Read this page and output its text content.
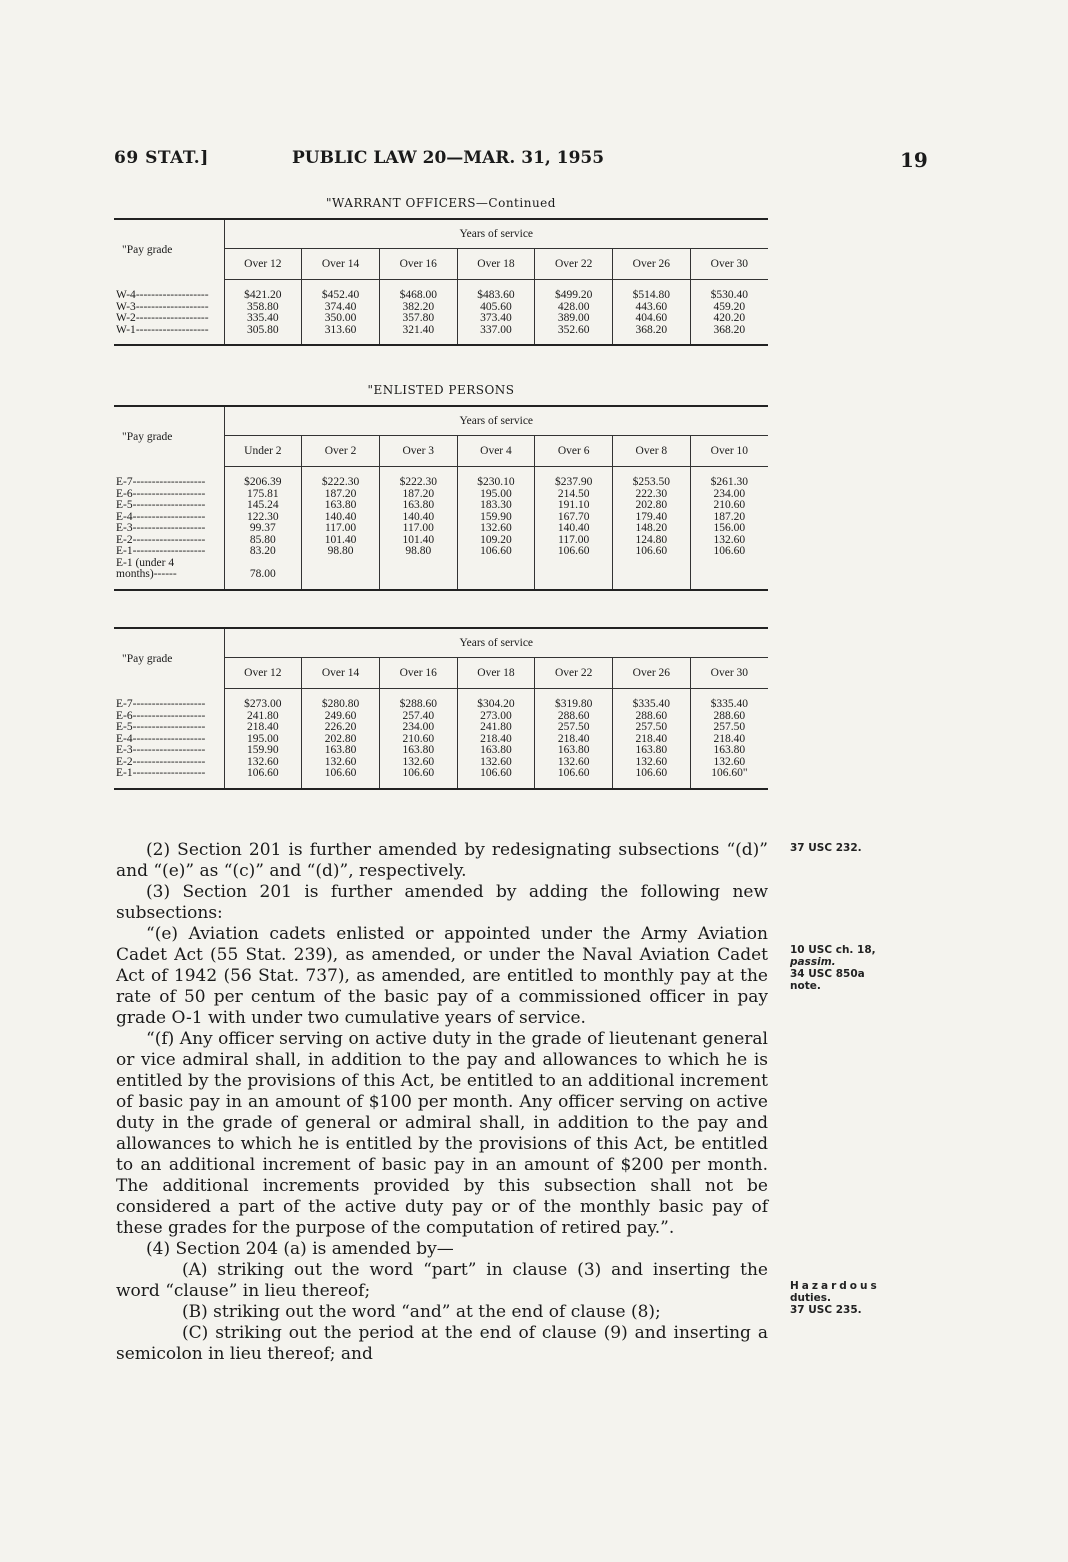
69 STAT.]	PUBLIC LAW 20—MAR. 31, 1955	19
"WARRANT OFFICERS—Continued
"Pay grade	Years of service						
	Over 12	Over 14	Over 16	Over 18	Over 22	Over 26	Over 30
W-4-------------------	$421.20	$452.40	$468.00	$483.60	$499.20	$514.80	$530.40
W-3-------------------	358.80	374.40	382.20	405.60	428.00	443.60	459.20
W-2-------------------	335.40	350.00	357.80	373.40	389.00	404.60	420.20
W-1-------------------	305.80	313.60	321.40	337.00	352.60	368.20	368.20
"ENLISTED PERSONS
"Pay grade	Years of service						
	Under 2	Over 2	Over 3	Over 4	Over 6	Over 8	Over 10
E-7-------------------	$206.39	$222.30	$222.30	$230.10	$237.90	$253.50	$261.30
E-6-------------------	175.81	187.20	187.20	195.00	214.50	222.30	234.00
E-5-------------------	145.24	163.80	163.80	183.30	191.10	202.80	210.60
E-4-------------------	122.30	140.40	140.40	159.90	167.70	179.40	187.20
E-3-------------------	99.37	117.00	117.00	132.60	140.40	148.20	156.00
E-2-------------------	85.80	101.40	101.40	109.20	117.00	124.80	132.60
E-1-------------------	83.20	98.80	98.80	106.60	106.60	106.60	106.60

E-1 (under 4
months)------	78.00						
"Pay grade	Years of service						
	Over 12	Over 14	Over 16	Over 18	Over 22	Over 26	Over 30
E-7-------------------	$273.00	$280.80	$288.60	$304.20	$319.80	$335.40	$335.40
E-6-------------------	241.80	249.60	257.40	273.00	288.60	288.60	288.60
E-5-------------------	218.40	226.20	234.00	241.80	257.50	257.50	257.50
E-4-------------------	195.00	202.80	210.60	218.40	218.40	218.40	218.40
E-3-------------------	159.90	163.80	163.80	163.80	163.80	163.80	163.80
E-2-------------------	132.60	132.60	132.60	132.60	132.60	132.60	132.60
E-1-------------------	106.60	106.60	106.60	106.60	106.60	106.60	106.60"

(2) Section 201 is further amended by redesignating subsections “(d)” and “(e)” as “(c)” and “(d)”, respectively.

(3) Section 201 is further amended by adding the following new subsections:

“(e) Aviation cadets enlisted or appointed under the Army Aviation Cadet Act (55 Stat. 239), as amended, or under the Naval Aviation Cadet Act of 1942 (56 Stat. 737), as amended, are entitled to monthly pay at the rate of 50 per centum of the basic pay of a commissioned officer in pay grade O-1 with under two cumulative years of service.

“(f) Any officer serving on active duty in the grade of lieutenant general or vice admiral shall, in addition to the pay and allowances to which he is entitled by the provisions of this Act, be entitled to an additional increment of basic pay in an amount of $100 per month. Any officer serving on active duty in the grade of general or admiral shall, in addition to the pay and allowances to which he is entitled by the provisions of this Act, be entitled to an additional increment of basic pay in an amount of $200 per month. The additional increments provided by this subsection shall not be considered a part of the active duty pay or of the monthly basic pay of these grades for the purpose of the computation of retired pay.”.

(4) Section 204 (a) is amended by—

(A) striking out the word “part” in clause (3) and inserting the word “clause” in lieu thereof;

(B) striking out the word “and” at the end of clause (8);

(C) striking out the period at the end of clause (9) and inserting a semicolon in lieu thereof; and

37 USC 232.
10 USC ch. 18,
passim.
34 USC 850a
note.
Hazardous
duties.
37 USC 235.
